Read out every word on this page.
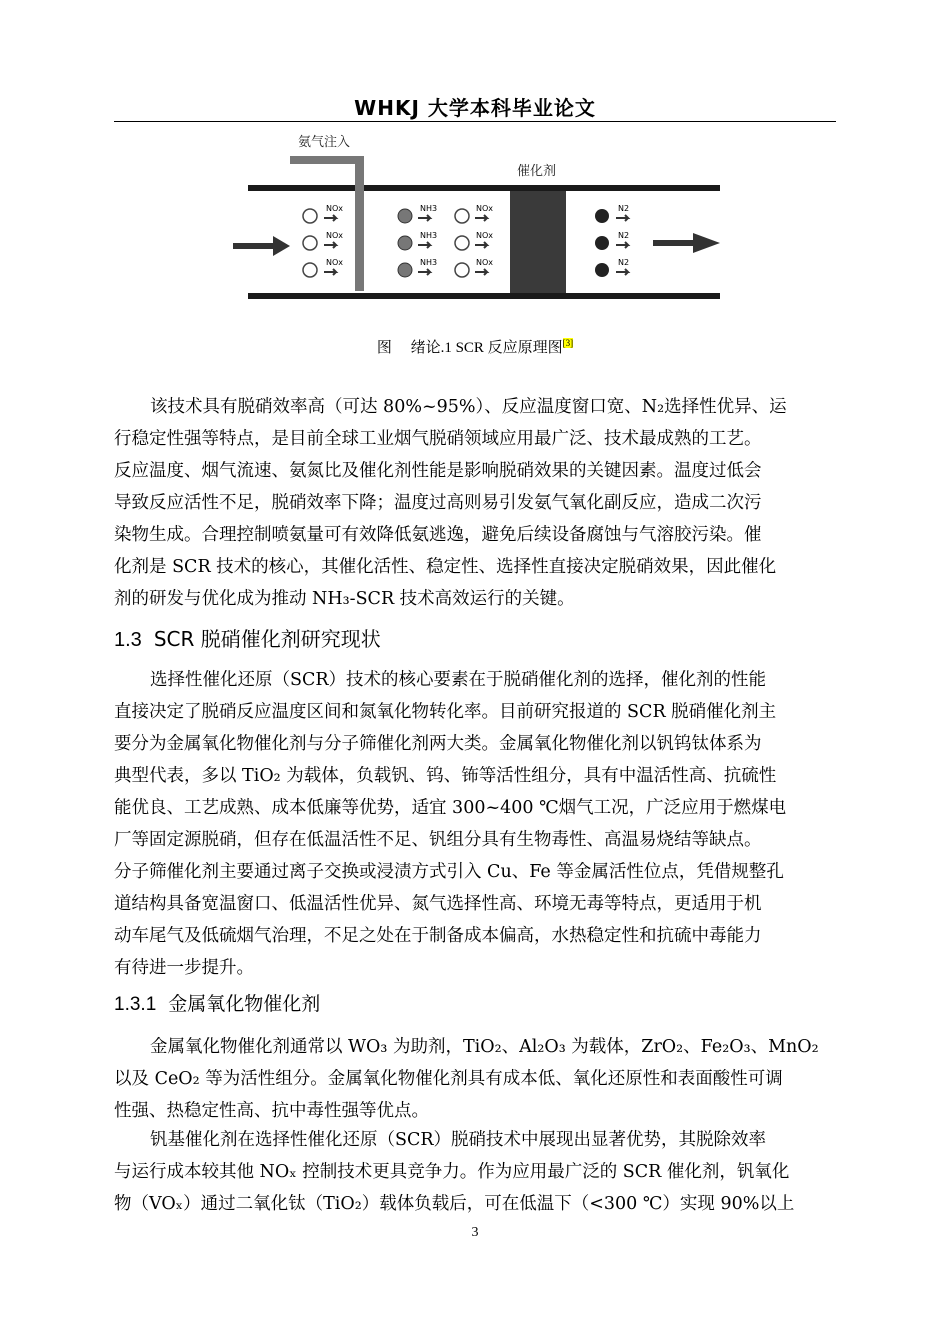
WHKJ 大学本科毕业论文
氨气注入
催化剂
NOx
NOx
NOx
NH3
NH3
NH3
NOx
NOx
NOx
N2
N2
N2
图　 绪论.1 SCR 反应原理图[3]
该技术具有脱硝效率高（可达 80%~95%）、反应温度窗口宽、N₂选择性优异、运
行稳定性强等特点，是目前全球工业烟气脱硝领域应用最广泛、技术最成熟的工艺。
反应温度、烟气流速、氨氮比及催化剂性能是影响脱硝效果的关键因素。温度过低会
导致反应活性不足，脱硝效率下降；温度过高则易引发氨气氧化副反应，造成二次污
染物生成。合理控制喷氨量可有效降低氨逃逸，避免后续设备腐蚀与气溶胶污染。催
化剂是 SCR 技术的核心，其催化活性、稳定性、选择性直接决定脱硝效果，因此催化
剂的研发与优化成为推动 NH₃-SCR 技术高效运行的关键。
1.3 SCR 脱硝催化剂研究现状
选择性催化还原（SCR）技术的核心要素在于脱硝催化剂的选择，催化剂的性能
直接决定了脱硝反应温度区间和氮氧化物转化率。目前研究报道的 SCR 脱硝催化剂主
要分为金属氧化物催化剂与分子筛催化剂两大类。金属氧化物催化剂以钒钨钛体系为
典型代表，多以 TiO₂ 为载体，负载钒、钨、钸等活性组分，具有中温活性高、抗硫性
能优良、工艺成熟、成本低廉等优势，适宜 300~400 ℃烟气工况，广泛应用于燃煤电
厂等固定源脱硝，但存在低温活性不足、钒组分具有生物毒性、高温易烧结等缺点。
分子筛催化剂主要通过离子交换或浸渍方式引入 Cu、Fe 等金属活性位点，凭借规整孔
道结构具备宽温窗口、低温活性优异、氮气选择性高、环境无毒等特点，更适用于机
动车尾气及低硫烟气治理，不足之处在于制备成本偏高，水热稳定性和抗硫中毒能力
有待进一步提升。
1.3.1 金属氧化物催化剂
金属氧化物催化剂通常以 WO₃ 为助剂，TiO₂、Al₂O₃ 为载体，ZrO₂、Fe₂O₃、MnO₂
以及 CeO₂ 等为活性组分。金属氧化物催化剂具有成本低、氧化还原性和表面酸性可调
性强、热稳定性高、抗中毒性强等优点。
钒基催化剂在选择性催化还原（SCR）脱硝技术中展现出显著优势，其脱除效率
与运行成本较其他 NOₓ 控制技术更具竞争力。作为应用最广泛的 SCR 催化剂，钒氧化
物（VOₓ）通过二氧化钛（TiO₂）载体负载后，可在低温下（<300 ℃）实现 90%以上
3
